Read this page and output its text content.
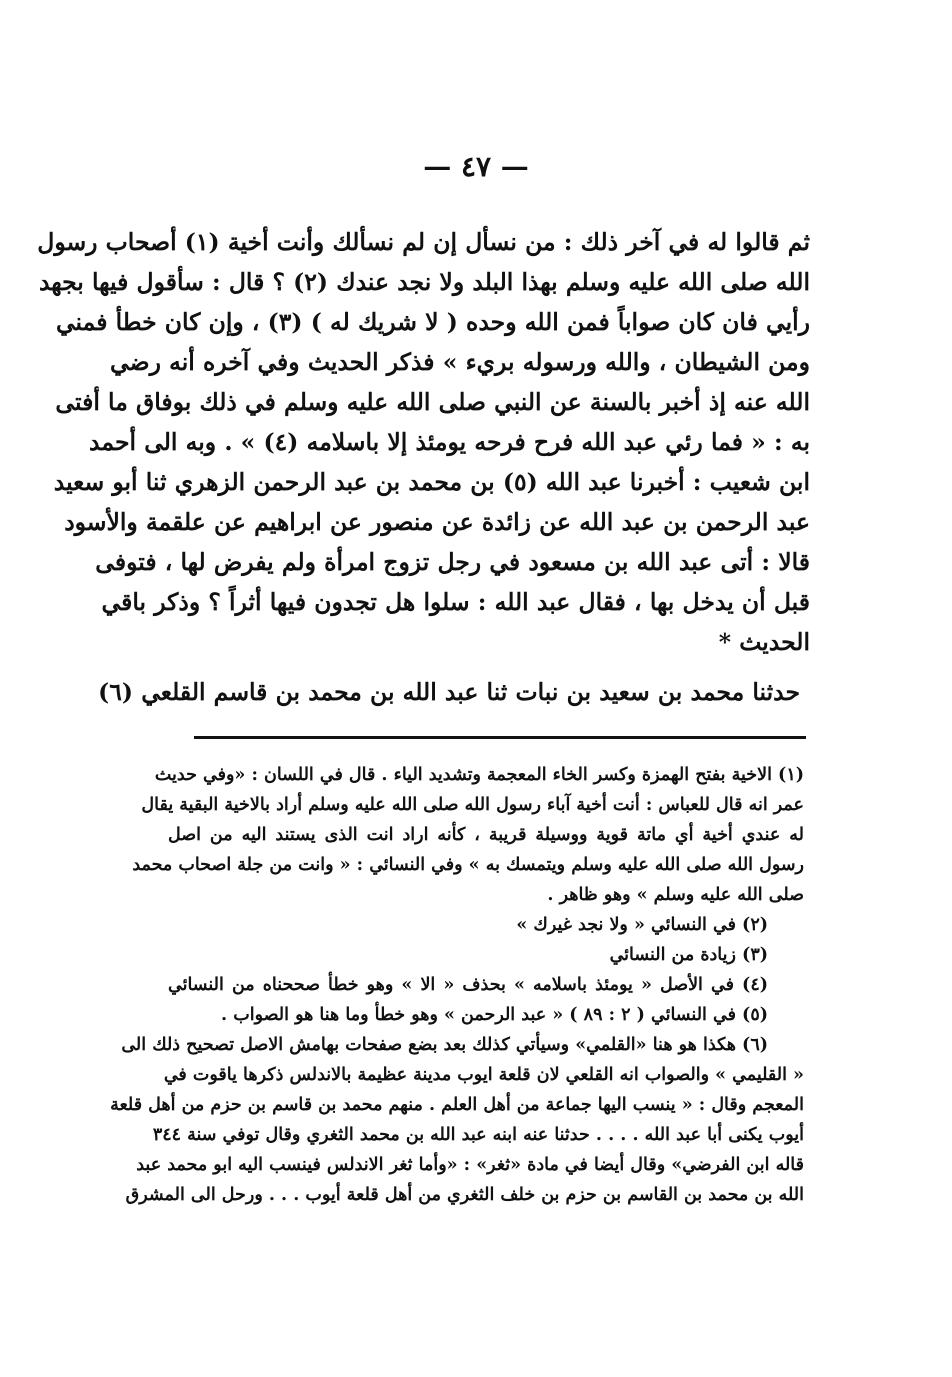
— ٤٧ —
ثم قالوا له في آخر ذلك : من نسأل إن لم نسألك وأنت أخية (١) أصحاب رسول
الله صلى الله عليه وسلم بهذا البلد ولا نجد عندك (٢) ؟ قال : سأقول فيها بجهد
رأيي فان كان صواباً فمن الله وحده ( لا شريك له ) (٣) ، وإن كان خطأ فمني
ومن الشيطان ، والله ورسوله بريء » فذكر الحديث وفي آخره أنه رضي
الله عنه إذ أخبر بالسنة عن النبي صلى الله عليه وسلم في ذلك بوفاق ما أفتى
به : « فما رئي عبد الله فرح فرحه يومئذ إلا باسلامه (٤) » . وبه الى أحمد
ابن شعيب : أخبرنا عبد الله (٥) بن محمد بن عبد الرحمن الزهري ثنا أبو سعيد
عبد الرحمن بن عبد الله عن زائدة عن منصور عن ابراهيم عن علقمة والأسود
قالا : أتى عبد الله بن مسعود في رجل تزوج امرأة ولم يفرض لها ، فتوفى
قبل أن يدخل بها ، فقال عبد الله : سلوا هل تجدون فيها أثراً ؟ وذكر باقي
الحديث *
حدثنا محمد بن سعيد بن نبات ثنا عبد الله بن محمد بن قاسم القلعي (٦)
(١) الاخية بفتح الهمزة وكسر الخاء المعجمة وتشديد الياء . قال في اللسان : «وفي حديث
عمر انه قال للعباس : أنت أخية آباء رسول الله صلى الله عليه وسلم أراد بالاخية البقية يقال
له عندي أخية أي ماتة قوية ووسيلة قريبة ، كأنه اراد انت الذى يستند اليه من اصل
رسول الله صلى الله عليه وسلم ويتمسك به » وفي النسائي : « وانت من جلة اصحاب محمد
صلى الله عليه وسلم » وهو ظاهر .
(٢) في النسائي « ولا نجد غيرك »
(٣) زيادة من النسائي
(٤) في الأصل « يومئذ باسلامه » بحذف « الا » وهو خطأ صححناه من النسائي
(٥) في النسائي ( ٢ : ٨٩ ) « عبد الرحمن » وهو خطأ وما هنا هو الصواب .
(٦) هكذا هو هنا «القلمي» وسيأتي كذلك بعد بضع صفحات بهامش الاصل تصحيح ذلك الى
« القليمي » والصواب انه القلعي لان قلعة ايوب مدينة عظيمة بالاندلس ذكرها ياقوت في
المعجم وقال : « ينسب اليها جماعة من أهل العلم . منهم محمد بن قاسم بن حزم من أهل قلعة
أيوب يكنى أبا عبد الله . . . . حدثنا عنه ابنه عبد الله بن محمد الثغري وقال توفي سنة ٣٤٤
قاله ابن الفرضي» وقال أيضا في مادة «ثغر» : «وأما ثغر الاندلس فينسب اليه ابو محمد عبد
الله بن محمد بن القاسم بن حزم بن خلف الثغري من أهل قلعة أيوب . . . ورحل الى المشرق
